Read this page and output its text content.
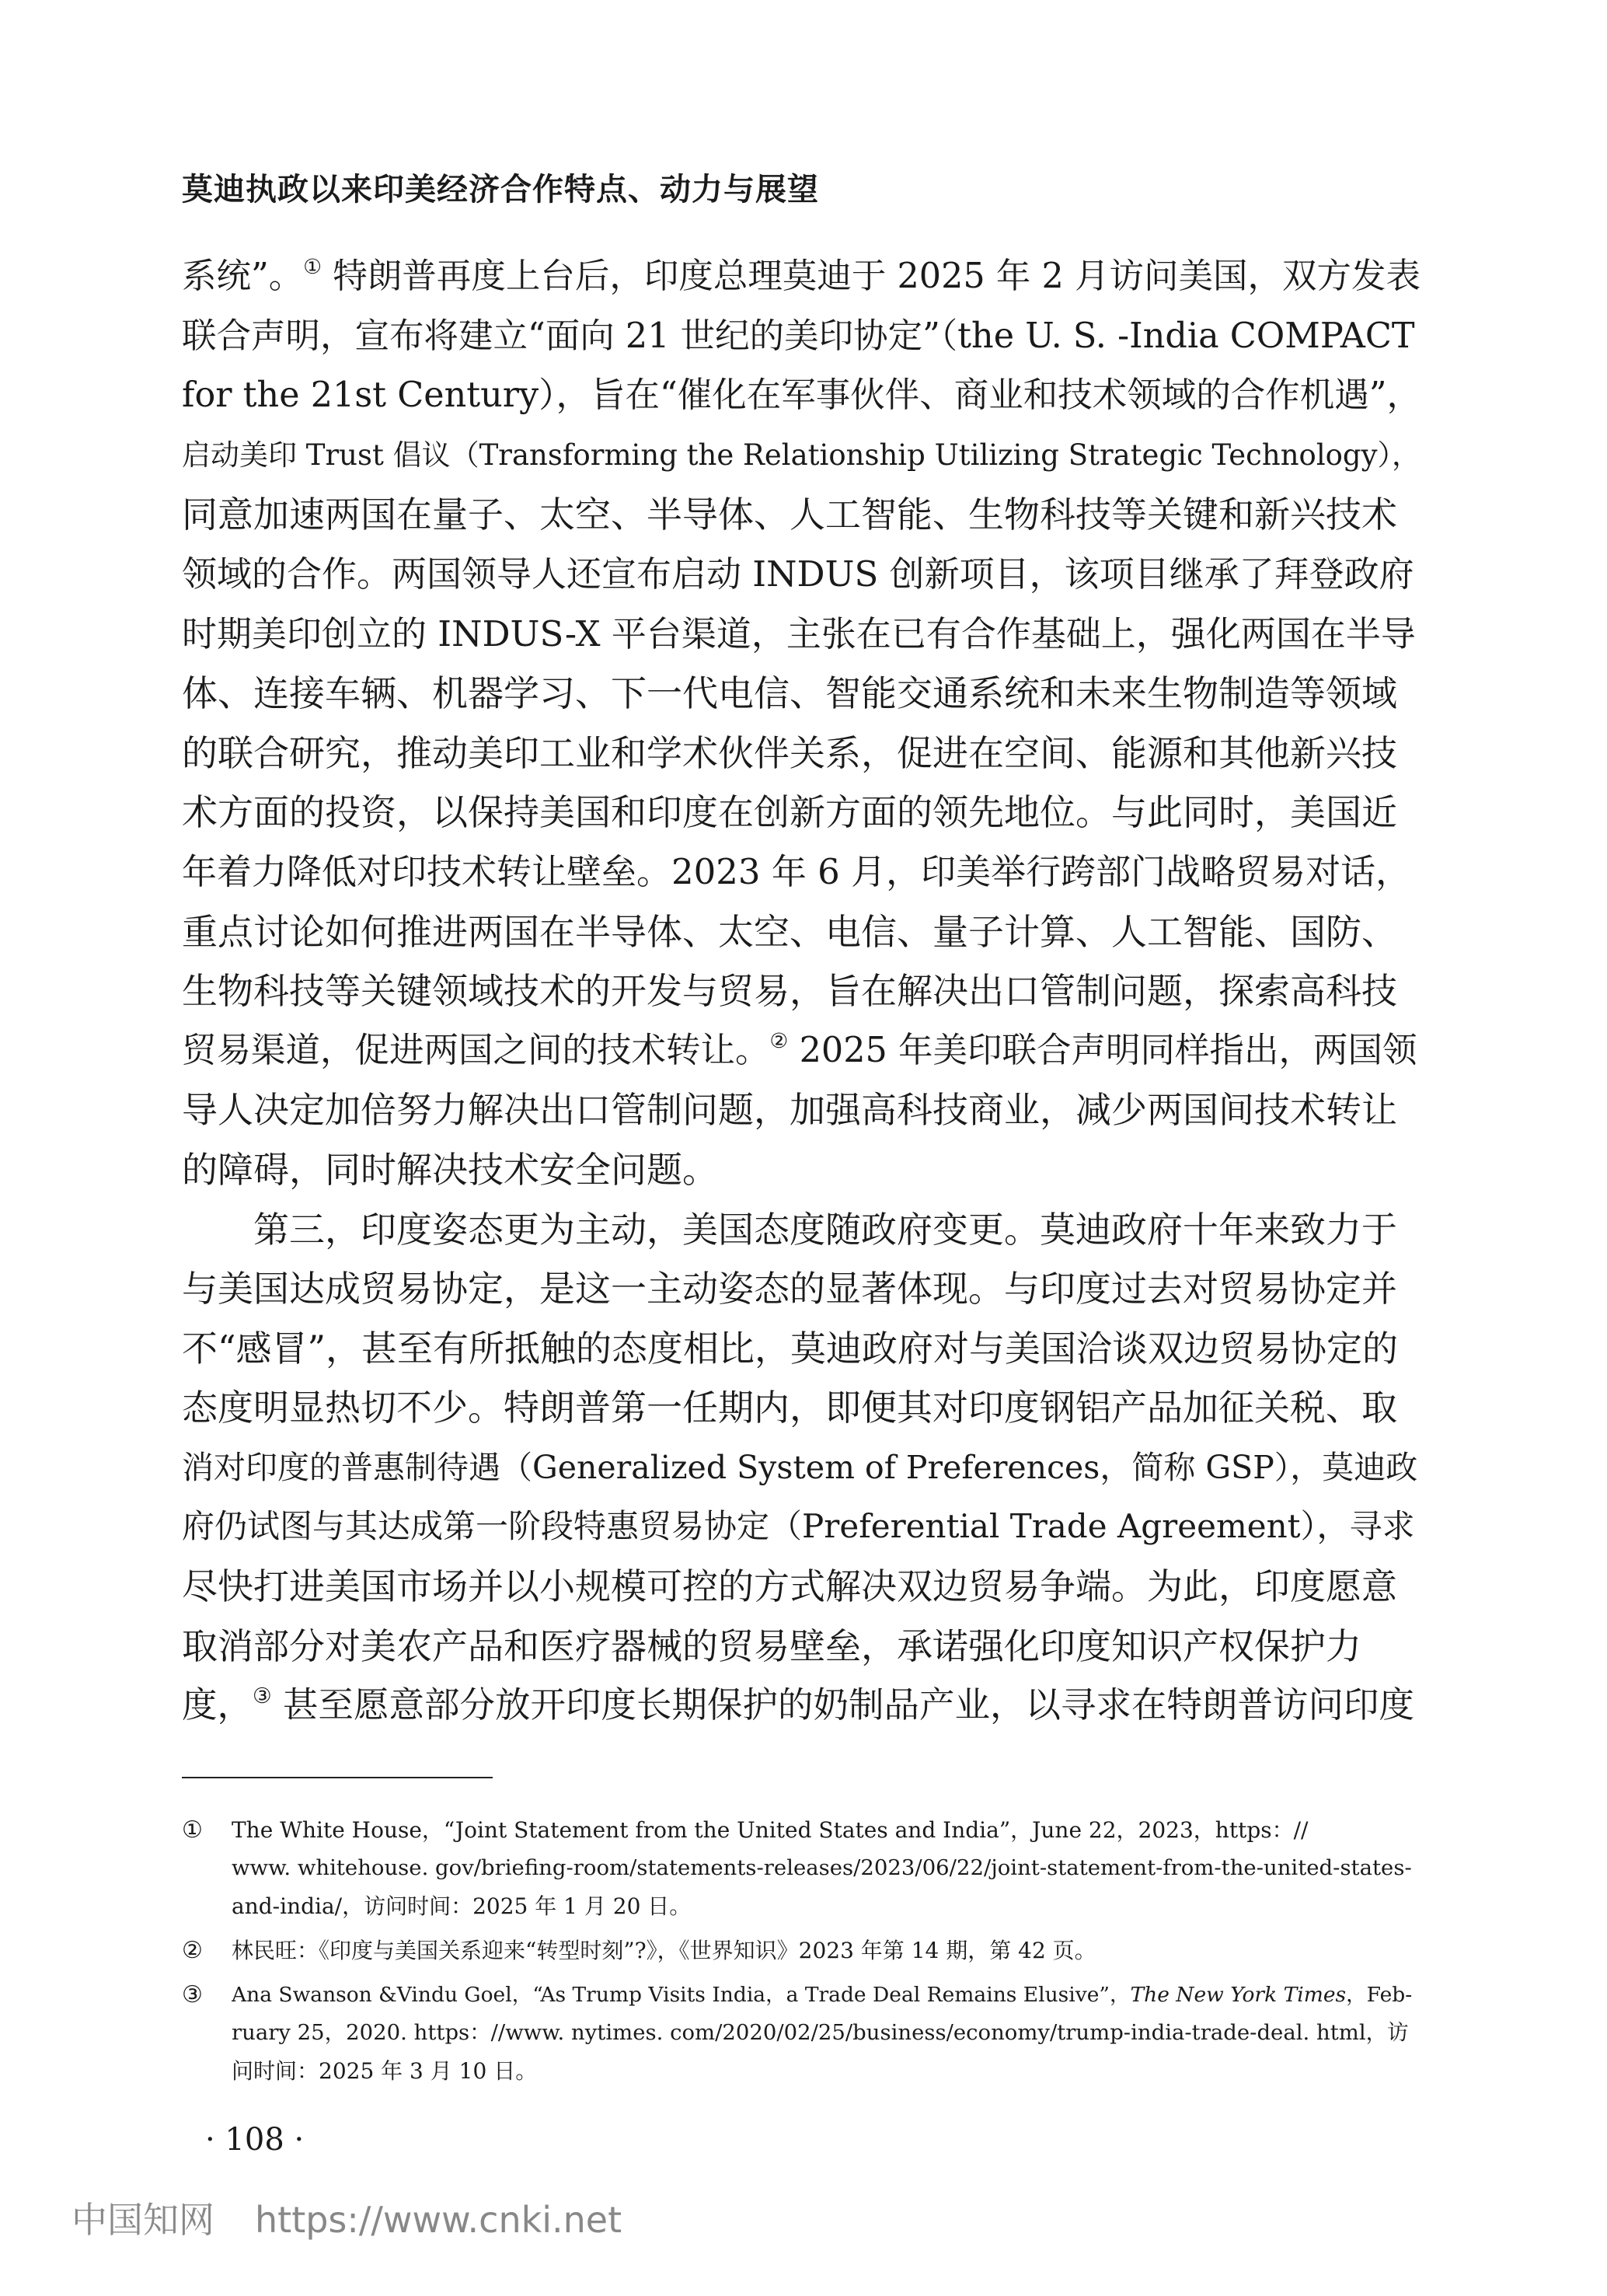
莫迪执政以来印美经济合作特点、动力与展望
系统”。① 特朗普再度上台后，印度总理莫迪于 2025 年 2 月访问美国，双方发表
联合声明，宣布将建立“面向 21 世纪的美印协定”（the U. S. -India COMPACT
for the 21st Century），旨在“催化在军事伙伴、商业和技术领域的合作机遇”，
启动美印 Trust 倡议（Transforming the Relationship Utilizing Strategic Technology），
同意加速两国在量子、太空、半导体、人工智能、生物科技等关键和新兴技术
领域的合作。两国领导人还宣布启动 INDUS 创新项目，该项目继承了拜登政府
时期美印创立的 INDUS-X 平台渠道，主张在已有合作基础上，强化两国在半导
体、连接车辆、机器学习、下一代电信、智能交通系统和未来生物制造等领域
的联合研究，推动美印工业和学术伙伴关系，促进在空间、能源和其他新兴技
术方面的投资，以保持美国和印度在创新方面的领先地位。与此同时，美国近
年着力降低对印技术转让壁垒。2023 年 6 月，印美举行跨部门战略贸易对话，
重点讨论如何推进两国在半导体、太空、电信、量子计算、人工智能、国防、
生物科技等关键领域技术的开发与贸易，旨在解决出口管制问题，探索高科技
贸易渠道，促进两国之间的技术转让。② 2025 年美印联合声明同样指出，两国领
导人决定加倍努力解决出口管制问题，加强高科技商业，减少两国间技术转让
的障碍，同时解决技术安全问题。
第三，印度姿态更为主动，美国态度随政府变更。莫迪政府十年来致力于
与美国达成贸易协定，是这一主动姿态的显著体现。与印度过去对贸易协定并
不“感冒”，甚至有所抵触的态度相比，莫迪政府对与美国洽谈双边贸易协定的
态度明显热切不少。特朗普第一任期内，即便其对印度钢铝产品加征关税、取
消对印度的普惠制待遇（Generalized System of Preferences，简称 GSP），莫迪政
府仍试图与其达成第一阶段特惠贸易协定（Preferential Trade Agreement），寻求
尽快打进美国市场并以小规模可控的方式解决双边贸易争端。为此，印度愿意
取消部分对美农产品和医疗器械的贸易壁垒，承诺强化印度知识产权保护力
度，③ 甚至愿意部分放开印度长期保护的奶制品产业，以寻求在特朗普访问印度
① The White House，“Joint Statement from the United States and India”，June 22，2023，https：//
www. whitehouse. gov/briefing-room/statements-releases/2023/06/22/joint-statement-from-the-united-states-
and-india/，访问时间：2025 年 1 月 20 日。
② 林民旺：《印度与美国关系迎来“转型时刻”?》，《世界知识》2023 年第 14 期，第 42 页。
③ Ana Swanson &Vindu Goel，“As Trump Visits India，a Trade Deal Remains Elusive”，The New York Times，Feb-
ruary 25，2020. https：//www. nytimes. com/2020/02/25/business/economy/trump-india-trade-deal. html，访
问时间：2025 年 3 月 10 日。
· 108 ·
中国知网 https://www.cnki.net
